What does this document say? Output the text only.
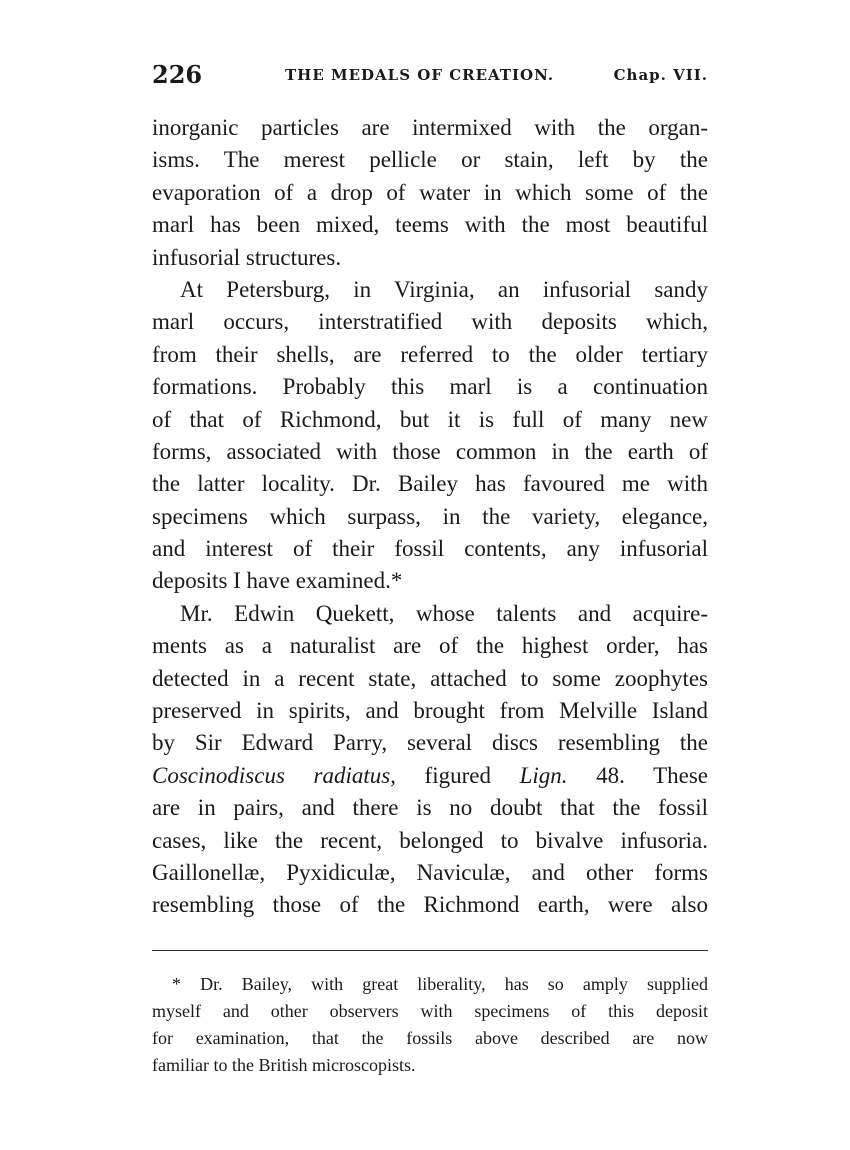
226	THE MEDALS OF CREATION.	Chap. VII.

inorganic particles are intermixed with the organ-
isms. The merest pellicle or stain, left by the
evaporation of a drop of water in which some of the
marl has been mixed, teems with the most beautiful
infusorial structures.

At Petersburg, in Virginia, an infusorial sandy
marl occurs, interstratified with deposits which,
from their shells, are referred to the older tertiary
formations. Probably this marl is a continuation
of that of Richmond, but it is full of many new
forms, associated with those common in the earth of
the latter locality. Dr. Bailey has favoured me with
specimens which surpass, in the variety, elegance,
and interest of their fossil contents, any infusorial
deposits I have examined.*

Mr. Edwin Quekett, whose talents and acquire-
ments as a naturalist are of the highest order, has
detected in a recent state, attached to some zoophytes
preserved in spirits, and brought from Melville Island
by Sir Edward Parry, several discs resembling the
Coscinodiscus radiatus, figured Lign. 48. These
are in pairs, and there is no doubt that the fossil
cases, like the recent, belonged to bivalve infusoria.
Gaillonellæ, Pyxidiculæ, Naviculæ, and other forms
resembling those of the Richmond earth, were also

* Dr. Bailey, with great liberality, has so amply supplied
myself and other observers with specimens of this deposit
for examination, that the fossils above described are now
familiar to the British microscopists.
